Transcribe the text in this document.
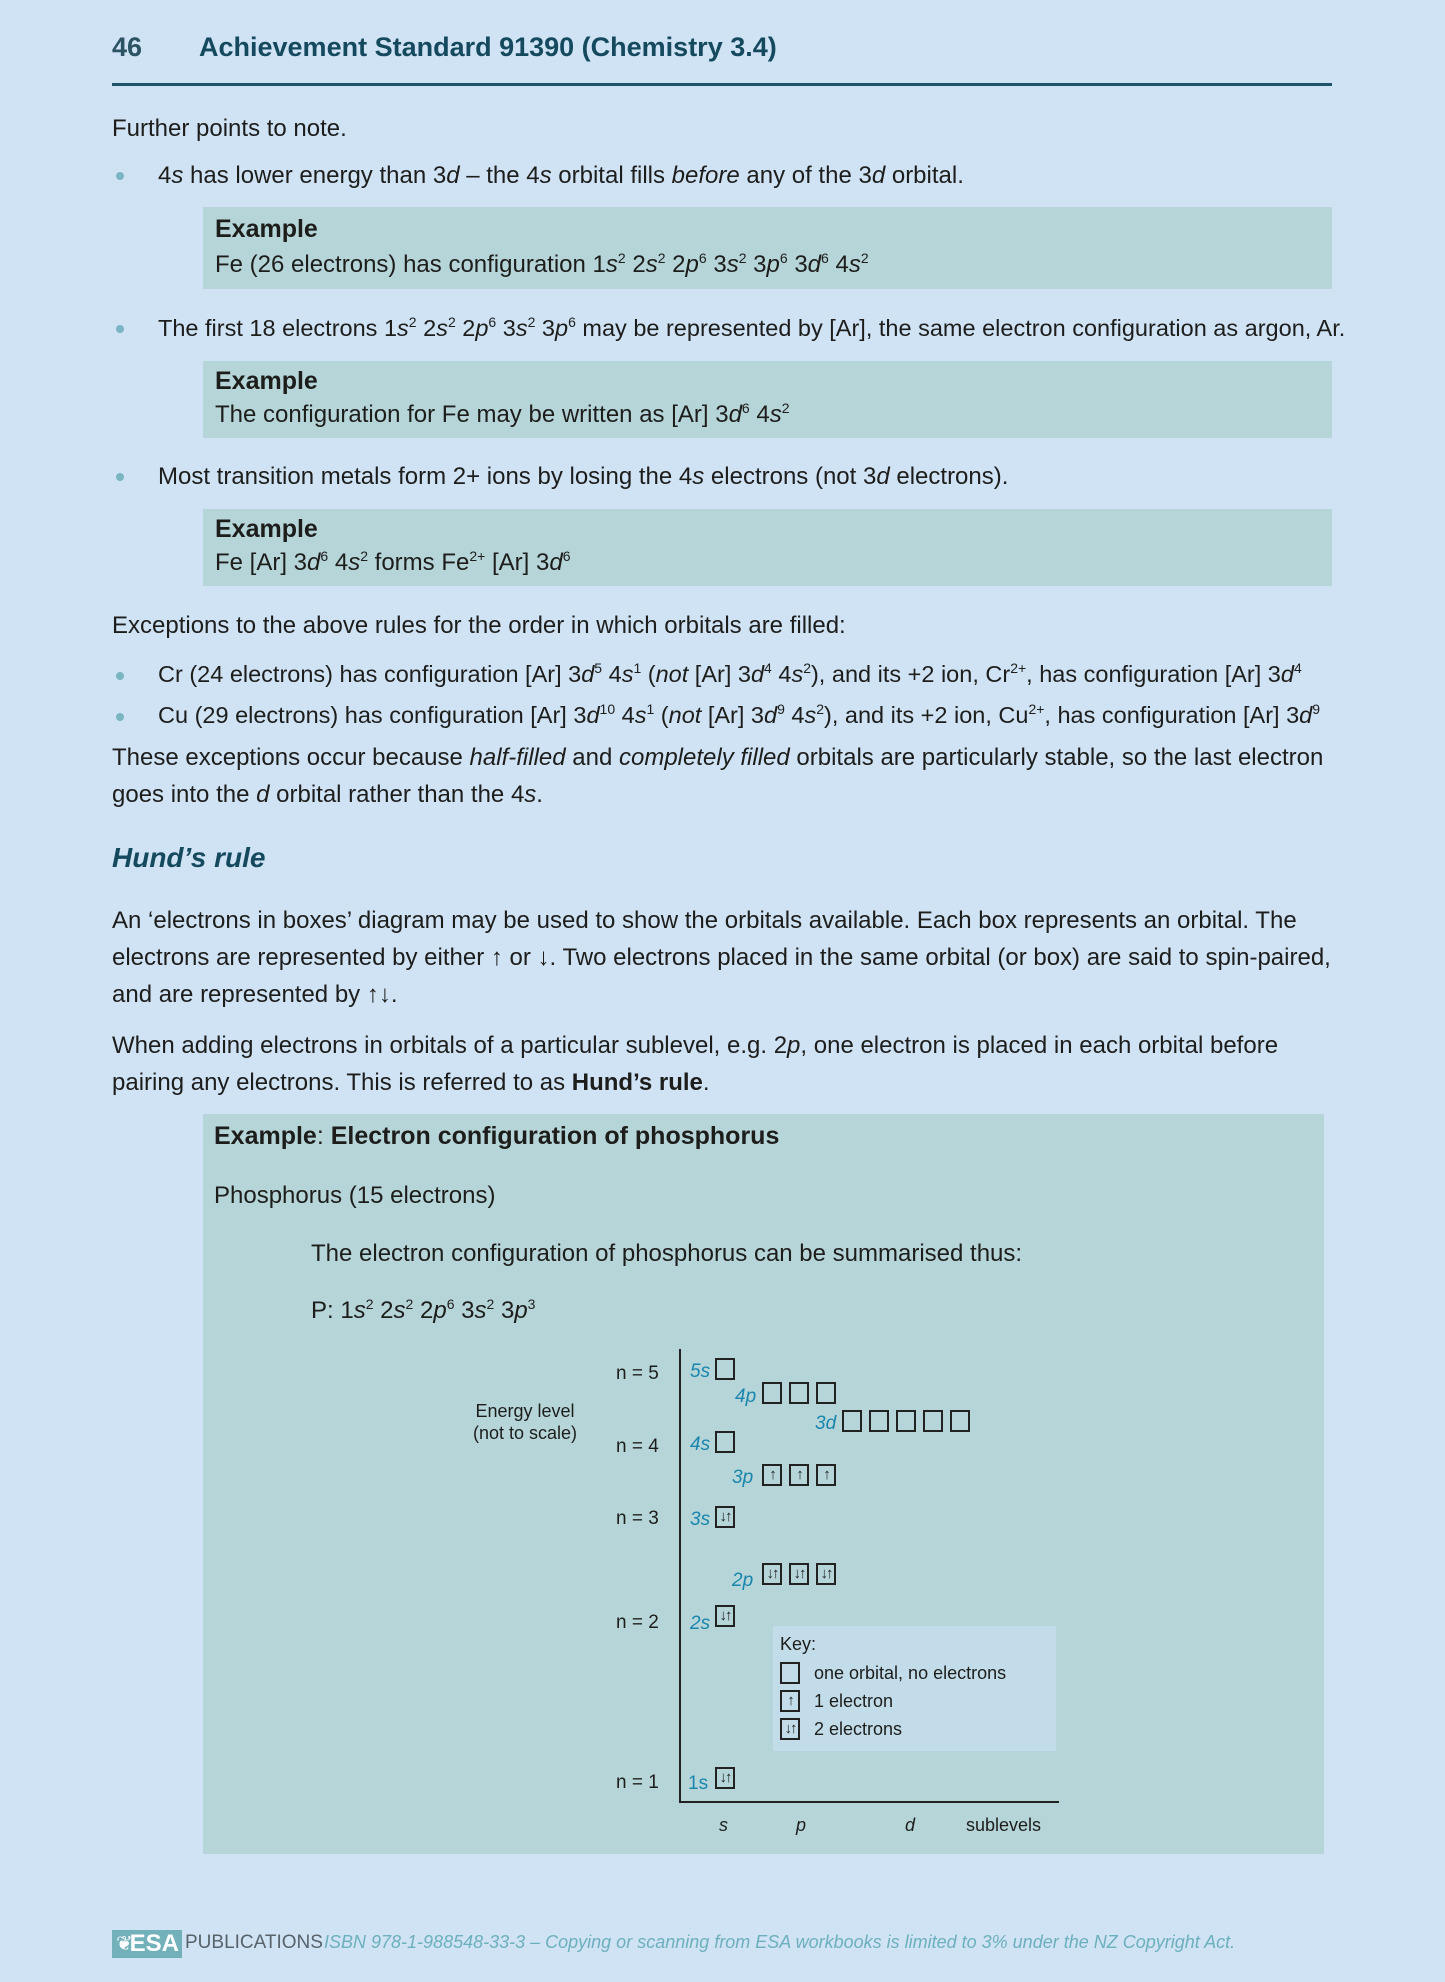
46 Achievement Standard 91390 (Chemistry 3.4)
Further points to note.
4s has lower energy than 3d – the 4s orbital fills before any of the 3d orbital.
Example
Fe (26 electrons) has configuration $1s^2$ $2s^2$ $2p^6$ $3s^2$ $3p^6$ $3d^6$ $4s^2$
The first 18 electrons $1s^2$ $2s^2$ $2p^6$ $3s^2$ $3p^6$ may be represented by [Ar], the same electron configuration as argon, Ar.
Example
The configuration for Fe may be written as [Ar] $3d^6$ $4s^2$
Most transition metals form 2+ ions by losing the 4s electrons (not 3d electrons).
Example
Fe [Ar] $3d^6$ $4s^2$ forms $Fe^{2+}$ [Ar] $3d^6$
Exceptions to the above rules for the order in which orbitals are filled:
Cr (24 electrons) has configuration [Ar] $3d^5$ $4s^1$ (not [Ar] $3d^4$ $4s^2$), and its +2 ion, $Cr^{2+}$, has configuration [Ar] $3d^4$
Cu (29 electrons) has configuration [Ar] $3d^{10}$ $4s^1$ (not [Ar] $3d^9$ $4s^2$), and its +2 ion, $Cu^{2+}$, has configuration [Ar] $3d^9$
These exceptions occur because half-filled and completely filled orbitals are particularly stable, so the last electron goes into the d orbital rather than the 4s.
Hund’s rule
An ‘electrons in boxes’ diagram may be used to show the orbitals available. Each box represents an orbital. The electrons are represented by either ↑ or ↓. Two electrons placed in the same orbital (or box) are said to spin-paired, and are represented by ↑↓.
When adding electrons in orbitals of a particular sublevel, e.g. 2p, one electron is placed in each orbital before pairing any electrons. This is referred to as Hund’s rule.
Example: Electron configuration of phosphorus
Phosphorus (15 electrons)
The electron configuration of phosphorus can be summarised thus:
P: $1s^2$ $2s^2$ $2p^6$ $3s^2$ $3p^3$
Energy level
(not to scale)
n = 5
n = 4
n = 3
n = 2
n = 1
5s
4p
3d
4s
3p	↑	↑	↑
3s ↓↑
2p ↓↑	↓↑	↓↑
2s ↓↑
1s ↓↑
s	p	d	sublevels
Key:
one orbital, no electrons
↑	1 electron
↓↑ 2 electrons
ESA
❦	PUBLICATIONS ISBN 978-1-988548-33-3 – Copying or scanning from ESA workbooks is limited to 3% under the NZ Copyright Act.
